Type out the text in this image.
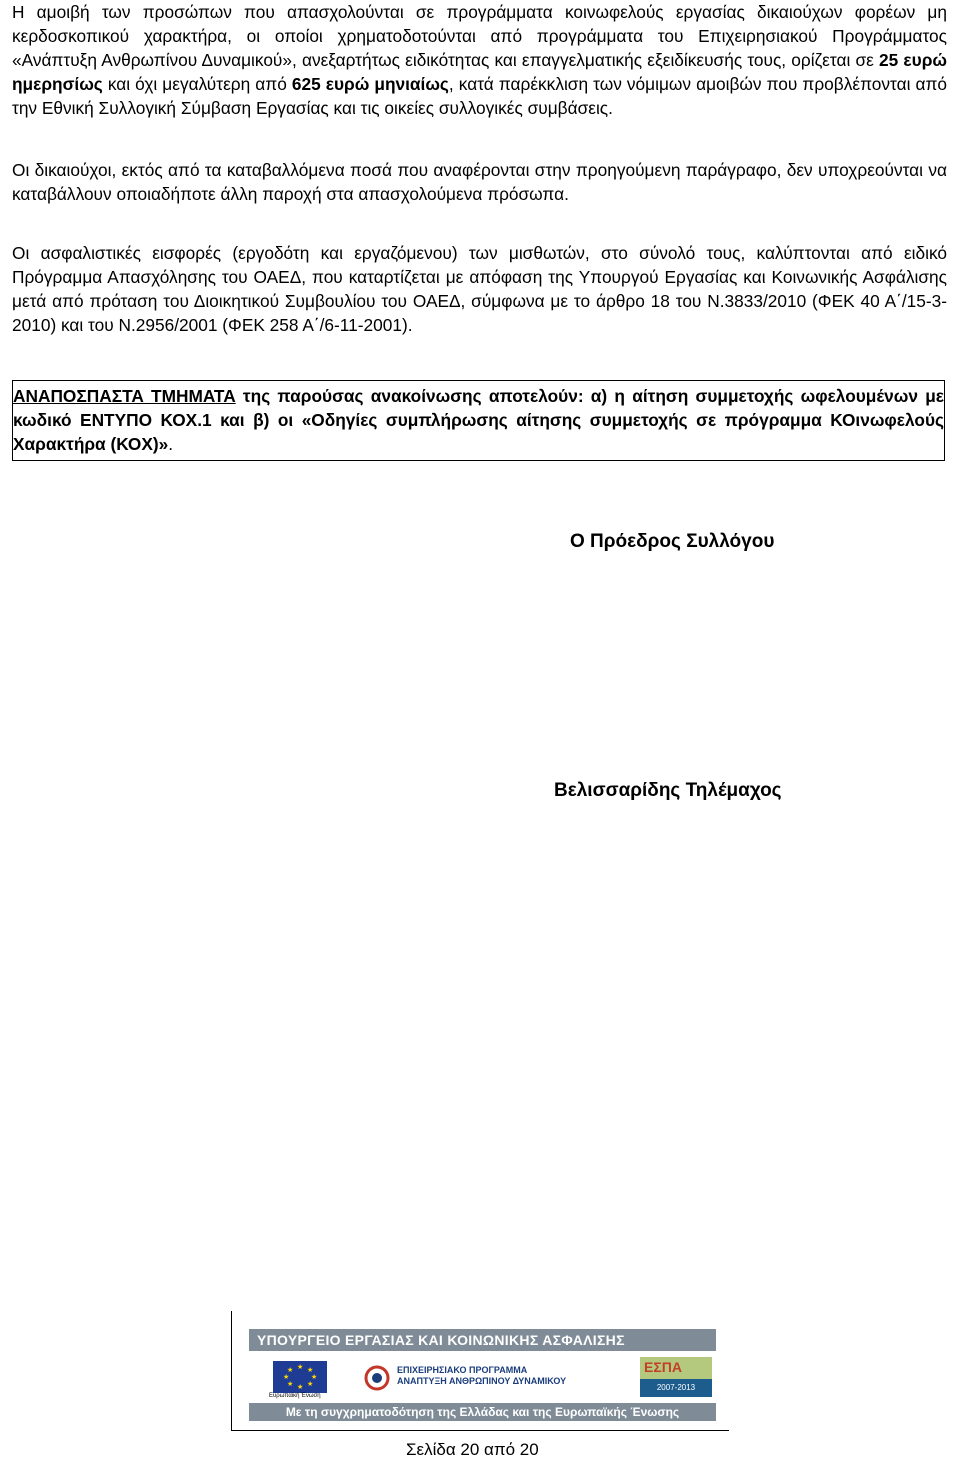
Η αμοιβή των προσώπων που απασχολούνται σε προγράμματα κοινωφελούς εργασίας δικαιούχων φορέων μη κερδοσκοπικού χαρακτήρα, οι οποίοι χρηματοδοτούνται από προγράμματα του Επιχειρησιακού Προγράμματος «Ανάπτυξη Ανθρωπίνου Δυναμικού», ανεξαρτήτως ειδικότητας και επαγγελματικής εξειδίκευσής τους, ορίζεται σε 25 ευρώ ημερησίως και όχι μεγαλύτερη από 625 ευρώ μηνιαίως, κατά παρέκκλιση των νόμιμων αμοιβών που προβλέπονται από την Εθνική Συλλογική Σύμβαση Εργασίας και τις οικείες συλλογικές συμβάσεις.

Οι δικαιούχοι, εκτός από τα καταβαλλόμενα ποσά που αναφέρονται στην προηγούμενη παράγραφο, δεν υποχρεούνται να καταβάλλουν οποιαδήποτε άλλη παροχή στα απασχολούμενα πρόσωπα.

Οι ασφαλιστικές εισφορές (εργοδότη και εργαζόμενου) των μισθωτών, στο σύνολό τους, καλύπτονται από ειδικό Πρόγραμμα Απασχόλησης του ΟΑΕΔ, που καταρτίζεται με απόφαση της Υπουργού Εργασίας και Κοινωνικής Ασφάλισης μετά από πρόταση του Διοικητικού Συμβουλίου του ΟΑΕΔ, σύμφωνα με το άρθρο 18 του Ν.3833/2010 (ΦΕΚ 40 Α΄/15-3-2010) και του Ν.2956/2001 (ΦΕΚ 258 Α΄/6-11-2001).

ΑΝΑΠΟΣΠΑΣΤΑ ΤΜΗΜΑΤΑ της παρούσας ανακοίνωσης αποτελούν: α) η αίτηση συμμετοχής ωφελουμένων με κωδικό ΕΝΤΥΠΟ ΚΟΧ.1 και β) οι «Οδηγίες συμπλήρωσης αίτησης συμμετοχής σε πρόγραμμα ΚΟινωφελούς Χαρακτήρα (ΚΟΧ)».

Ο Πρόεδρος Συλλόγου
Βελισσαρίδης Τηλέμαχος
ΥΠΟΥΡΓΕΙΟ ΕΡΓΑΣΙΑΣ ΚΑΙ ΚΟΙΝΩΝΙΚΗΣ ΑΣΦΑΛΙΣΗΣ
★ ★
★
★
★
★
★
★
Ευρωπαϊκή Ένωση
ΕΠΙΧΕΙΡΗΣΙΑΚΟ ΠΡΟΓΡΑΜΜΑ
ΑΝΑΠΤΥΞΗ ΑΝΘΡΩΠΙΝΟΥ ΔΥΝΑΜΙΚΟΥ
ΕΣΠΑ
2007-2013
Με τη συγχρηματοδότηση της Ελλάδας και της Ευρωπαϊκής Ένωσης
Σελίδα 20 από 20
